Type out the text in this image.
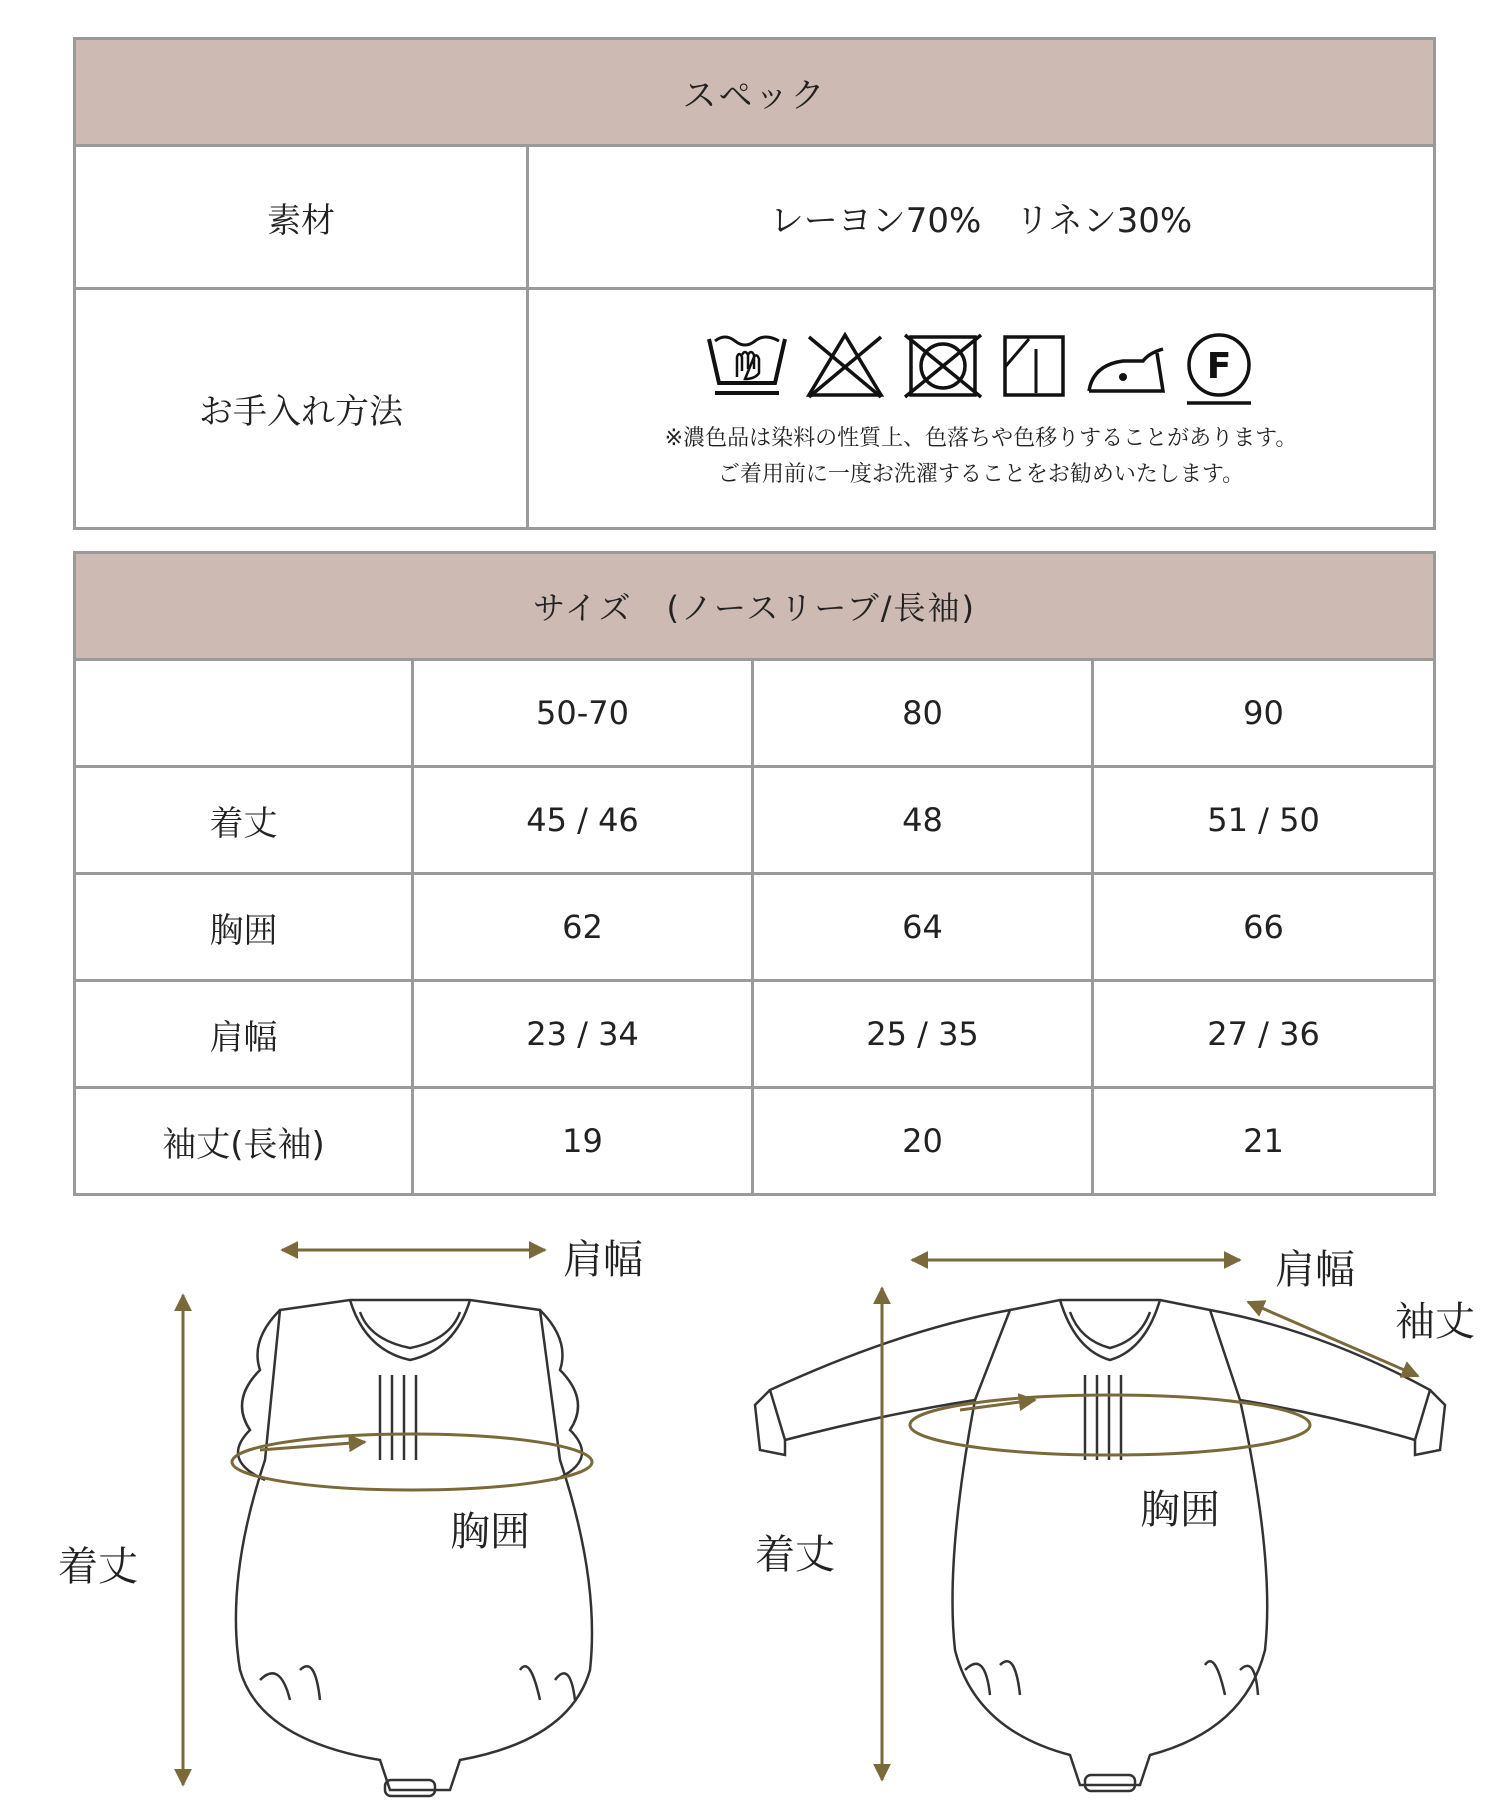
スペック	
素材	レーヨン70%　リネン30%
お手入れ方法	F
※濃色品は染料の性質上、色落ちや色移りすることがあります。
ご着用前に一度お洗濯することをお勧めいたします。
サイズ　(ノースリーブ/長袖)			
	50-70	80	90
着丈	45 / 46	48	51 / 50
胸囲	62	64	66
肩幅	23 / 34	25 / 35	27 / 36
袖丈(長袖)	19	20	21
肩幅
胸囲
着丈
肩幅
袖丈
胸囲
着丈
